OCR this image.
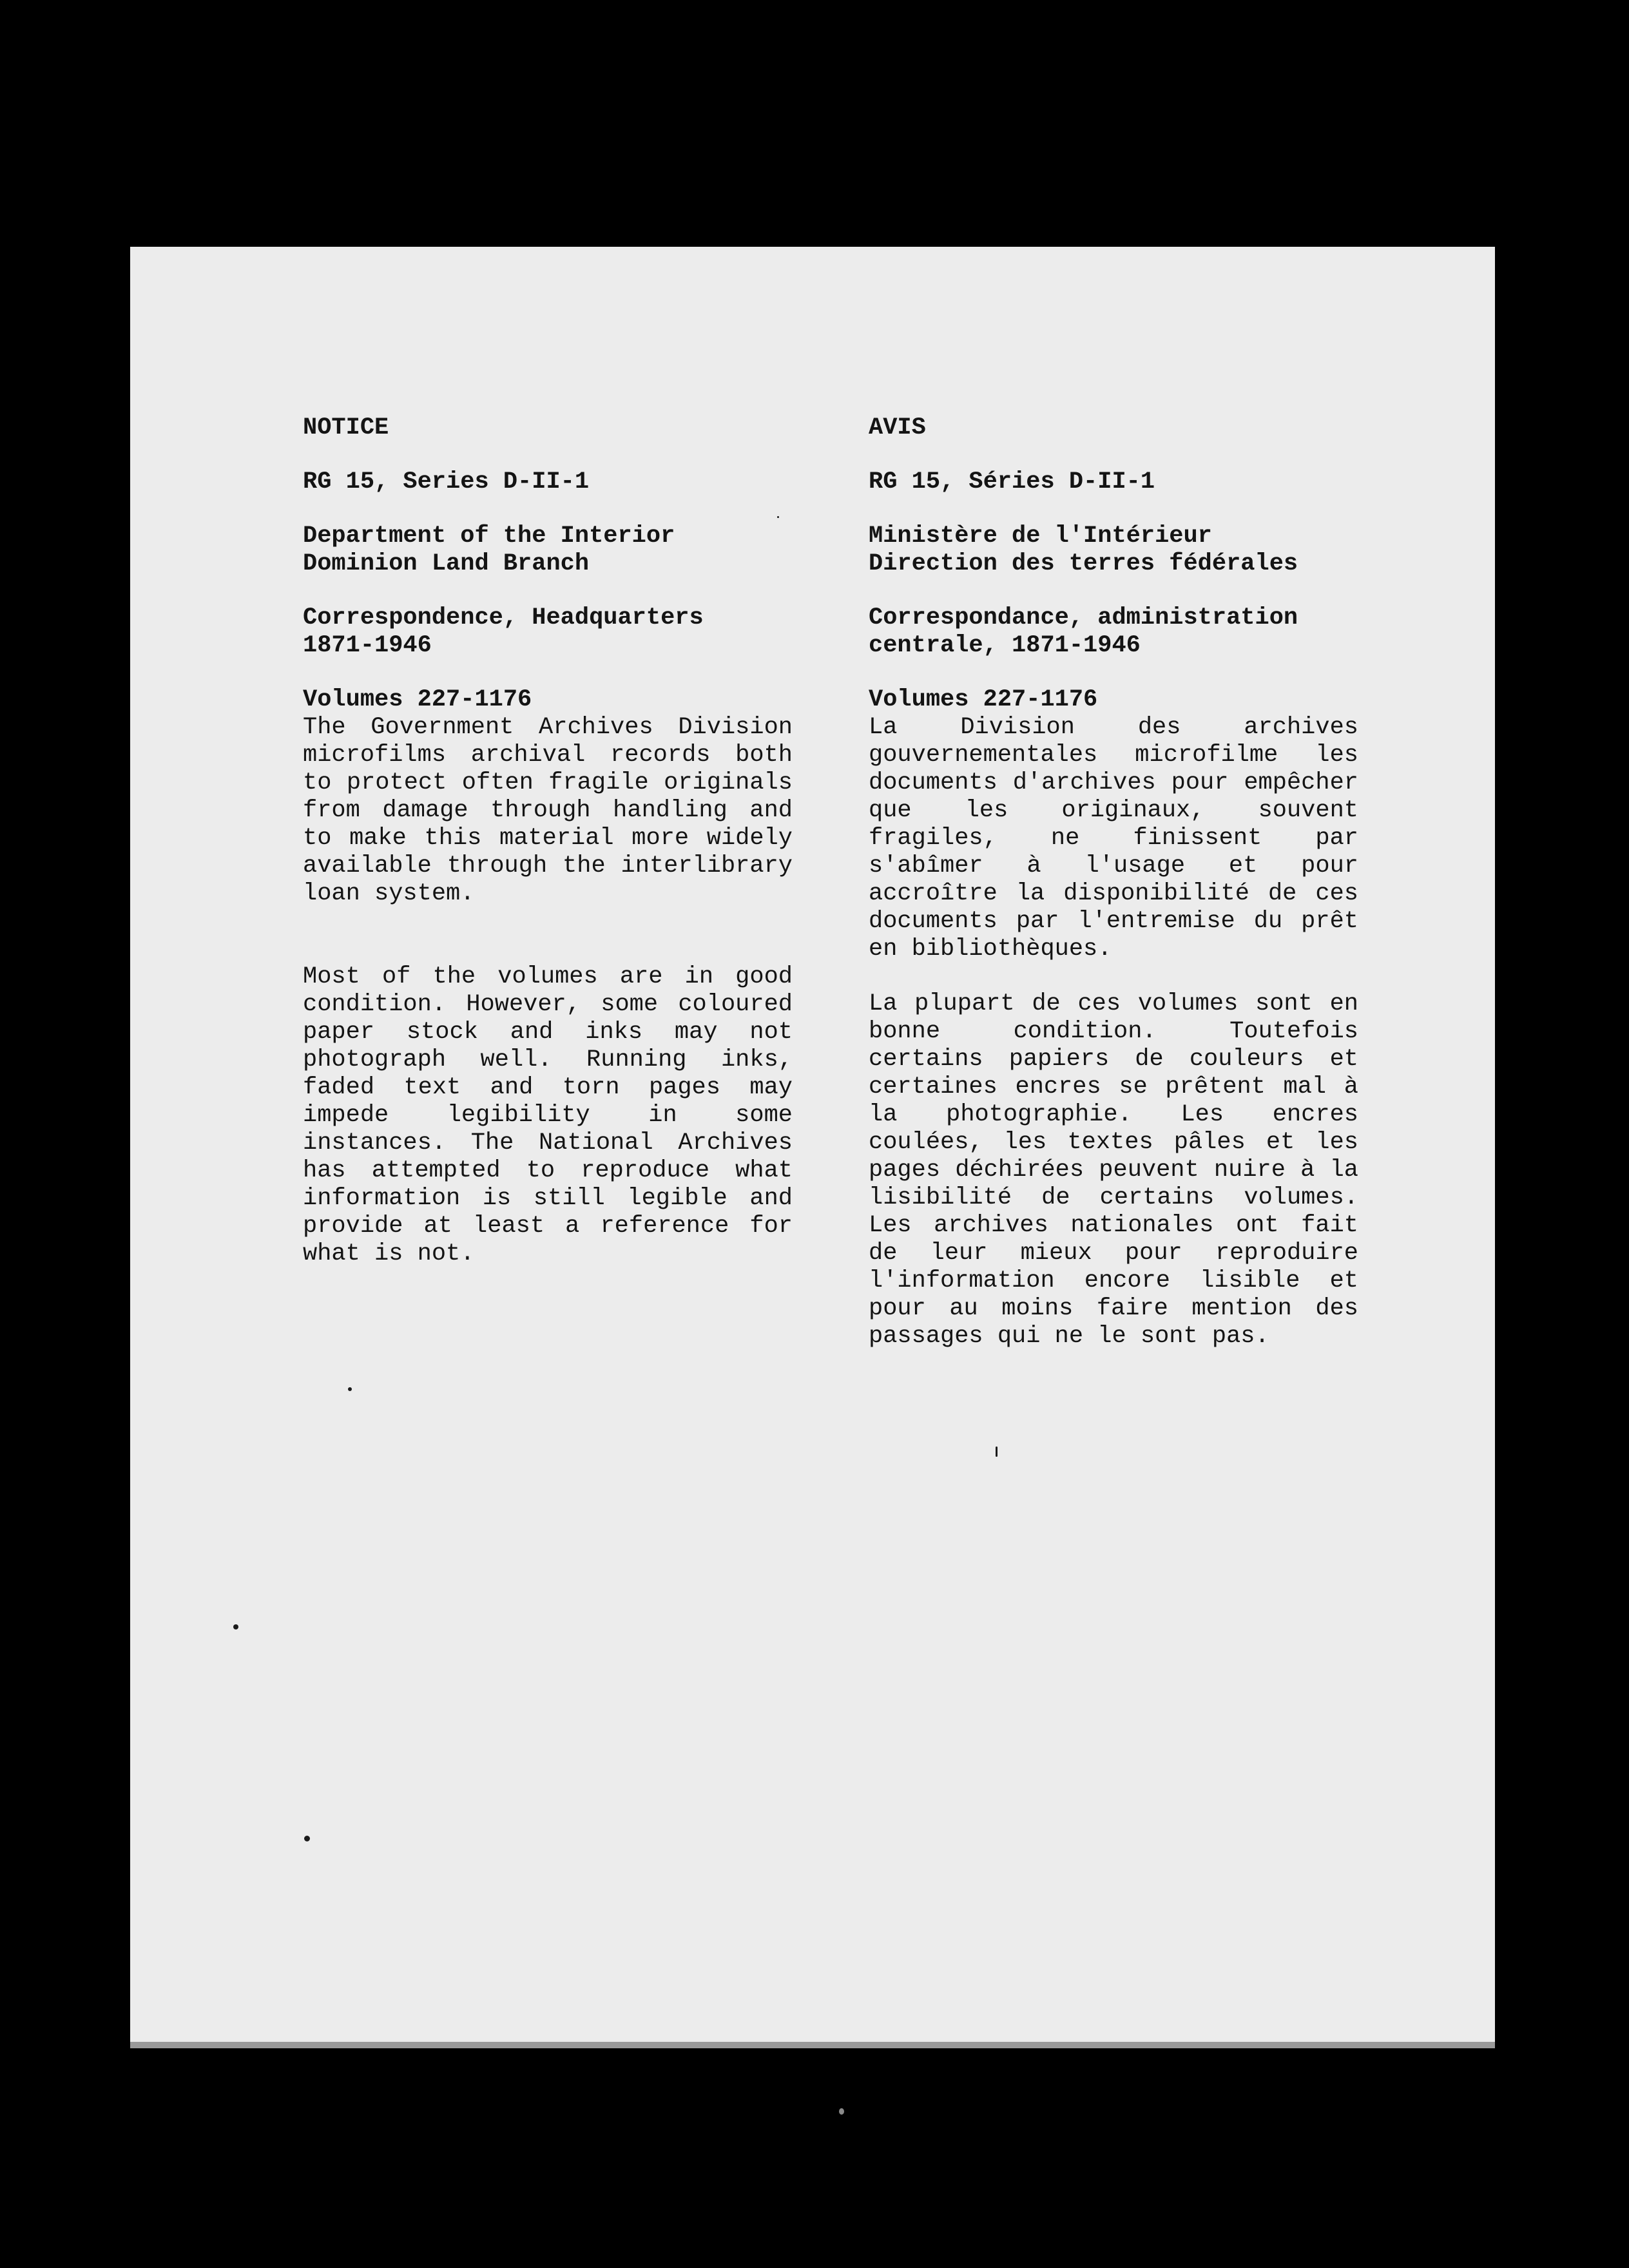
NOTICE

RG 15, Series D-II-1

Department of the Interior
Dominion Land Branch

Correspondence, Headquarters
1871-1946

Volumes 227-1176

The Government Archives Division microfilms archival records both to protect often fragile originals from damage through handling and to make this material more widely available through the interlibrary loan system.

Most of the volumes are in good condition. However, some coloured paper stock and inks may not photograph well. Running inks, faded text and torn pages may impede legibility in some instances. The National Archives has attempted to reproduce what information is still legible and provide at least a reference for what is not.

AVIS

RG 15, Séries D-II-1

Ministère de l'Intérieur
Direction des terres fédérales

Correspondance, administration
centrale, 1871-1946

Volumes 227-1176

La Division des archives gouvernementales microfilme les documents d'archives pour empêcher que les originaux, souvent fragiles, ne finissent par s'abîmer à l'usage et pour accroître la disponibilité de ces documents par l'entremise du prêt en bibliothèques.

La plupart de ces volumes sont en bonne condition. Toutefois certains papiers de couleurs et certaines encres se prêtent mal à la photographie. Les encres coulées, les textes pâles et les pages déchirées peuvent nuire à la lisibilité de certains volumes. Les archives nationales ont fait de leur mieux pour reproduire l'information encore lisible et pour au moins faire mention des passages qui ne le sont pas.
